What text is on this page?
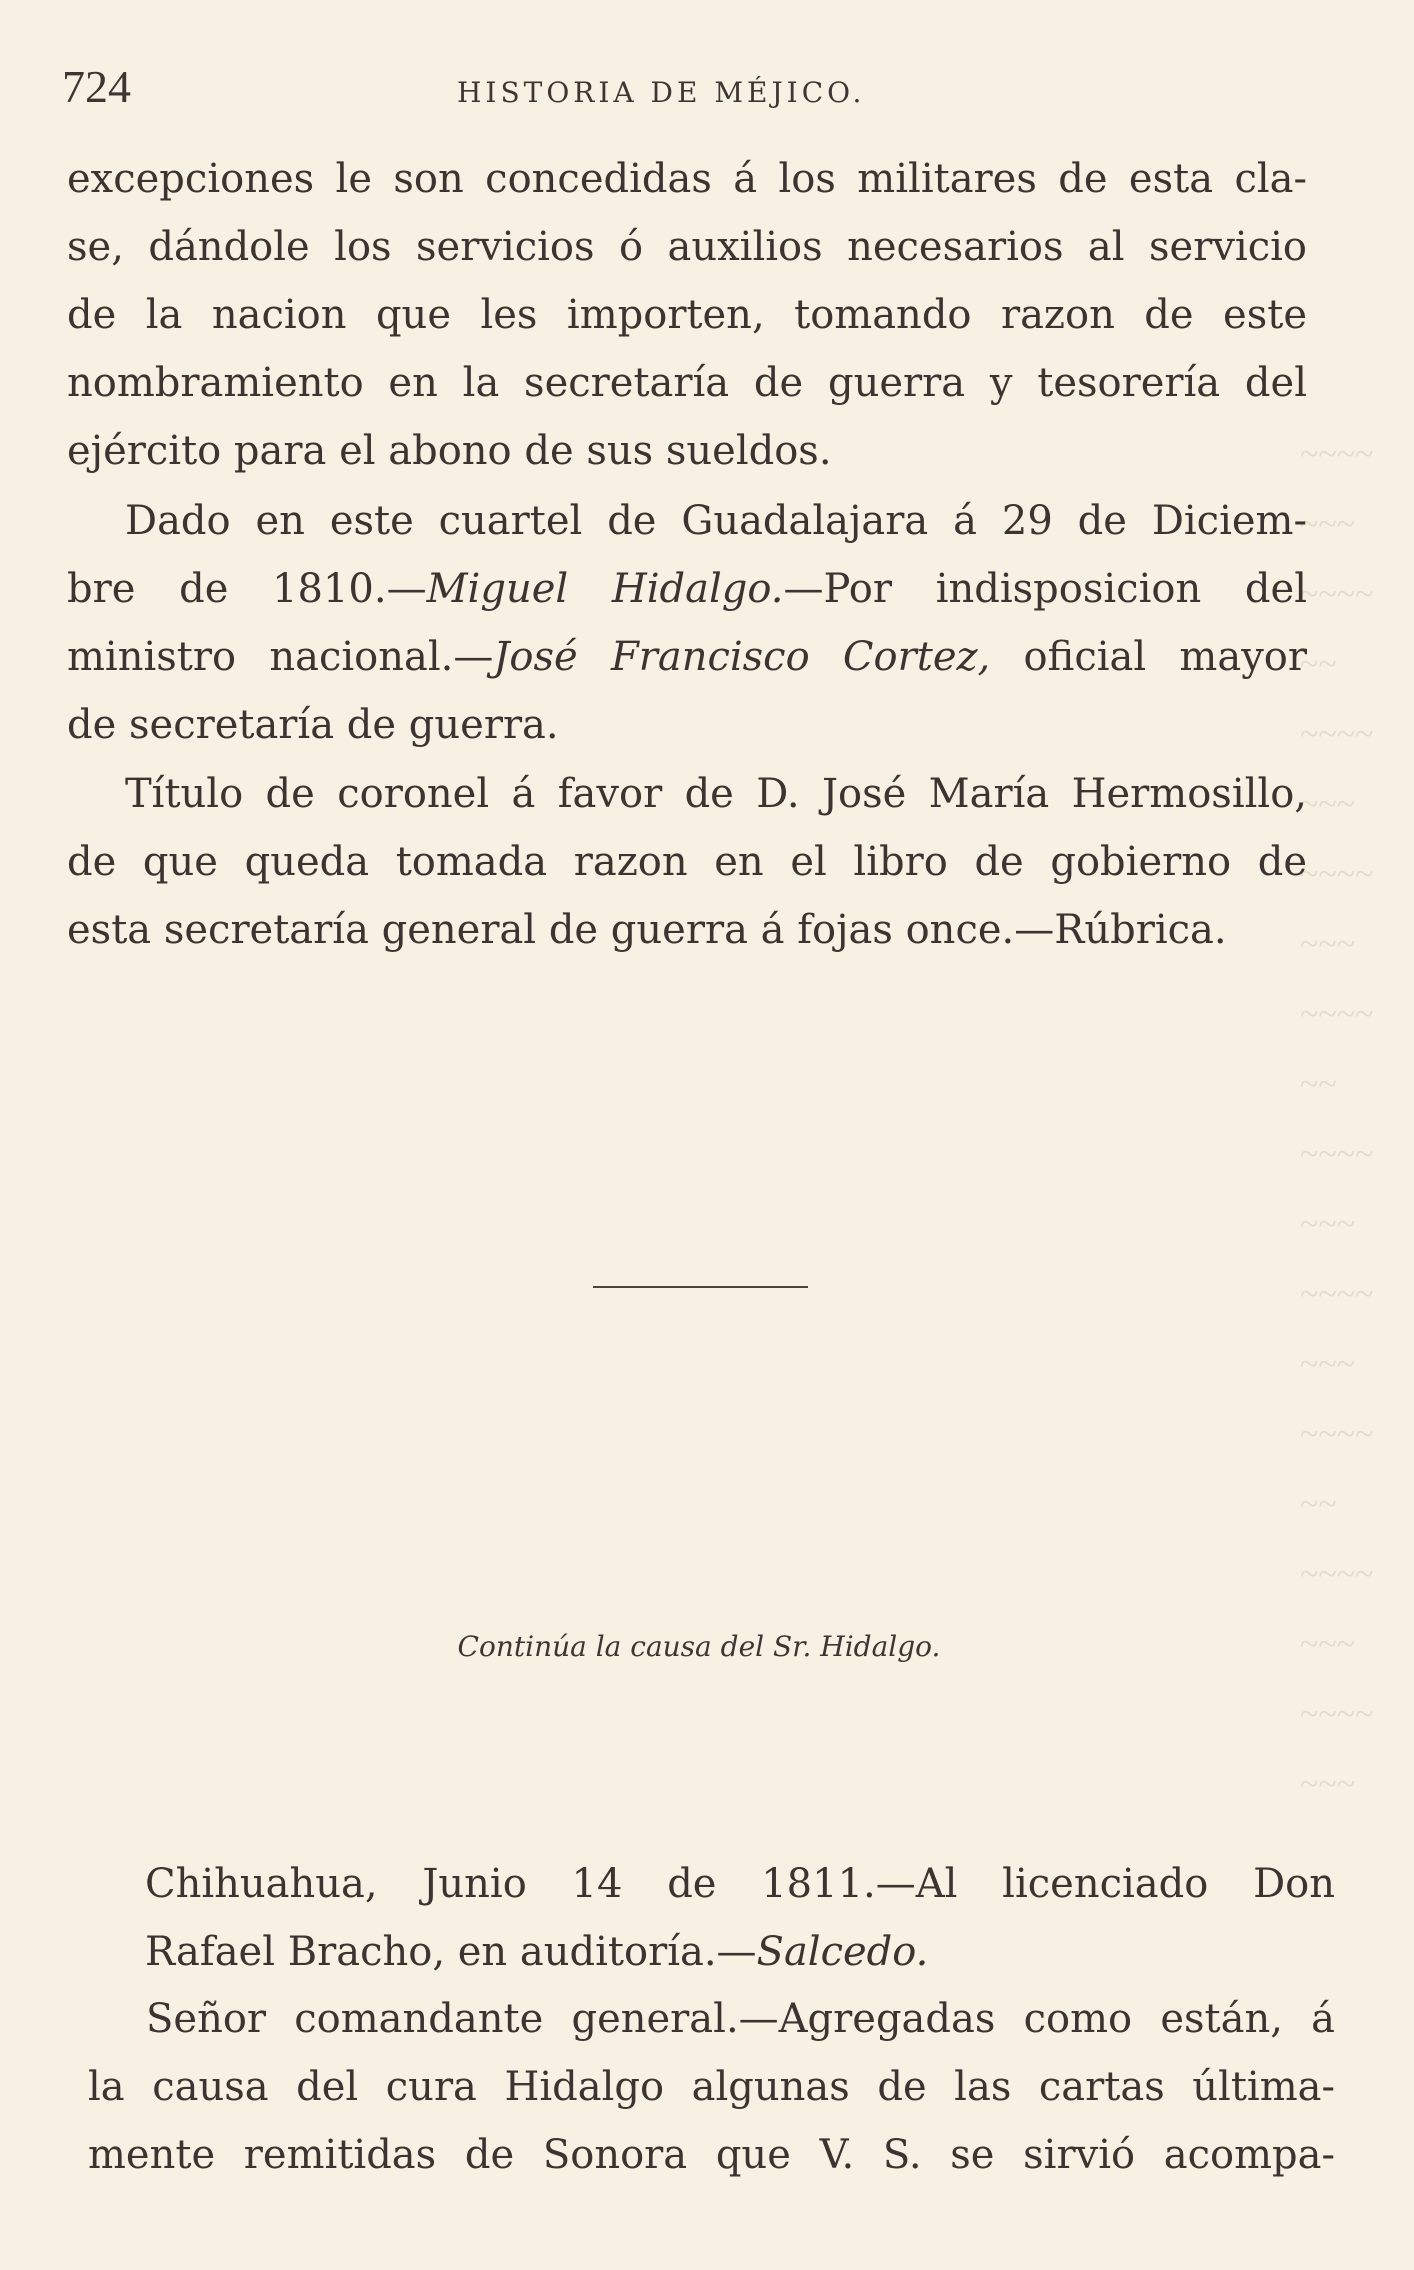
~~~~
~~~
~~~~
~~
~~~~
~~~
~~~~
~~~
~~~~
~~
~~~~
~~~
~~~~
~~~
~~~~
~~
~~~~
~~~
~~~~
~~~
724	HISTORIA DE MÉJICO.
excepciones le son concedidas á los militares de esta cla-
se, dándole los servicios ó auxilios necesarios al servicio
de la nacion que les importen, tomando razon de este
nombramiento en la secretaría de guerra y tesorería del
ejército para el abono de sus sueldos.
Dado en este cuartel de Guadalajara á 29 de Diciem-
bre de 1810.—Miguel Hidalgo.—Por indisposicion del
ministro nacional.—José Francisco Cortez, oficial mayor
de secretaría de guerra.
Título de coronel á favor de D. José María Hermosillo,
de que queda tomada razon en el libro de gobierno de
esta secretaría general de guerra á fojas once.—Rúbrica.
Continúa la causa del Sr. Hidalgo.
Chihuahua, Junio 14 de 1811.—Al licenciado Don
Rafael Bracho, en auditoría.—Salcedo.
Señor comandante general.—Agregadas como están, á
la causa del cura Hidalgo algunas de las cartas última-
mente remitidas de Sonora que V. S. se sirvió acompa-
